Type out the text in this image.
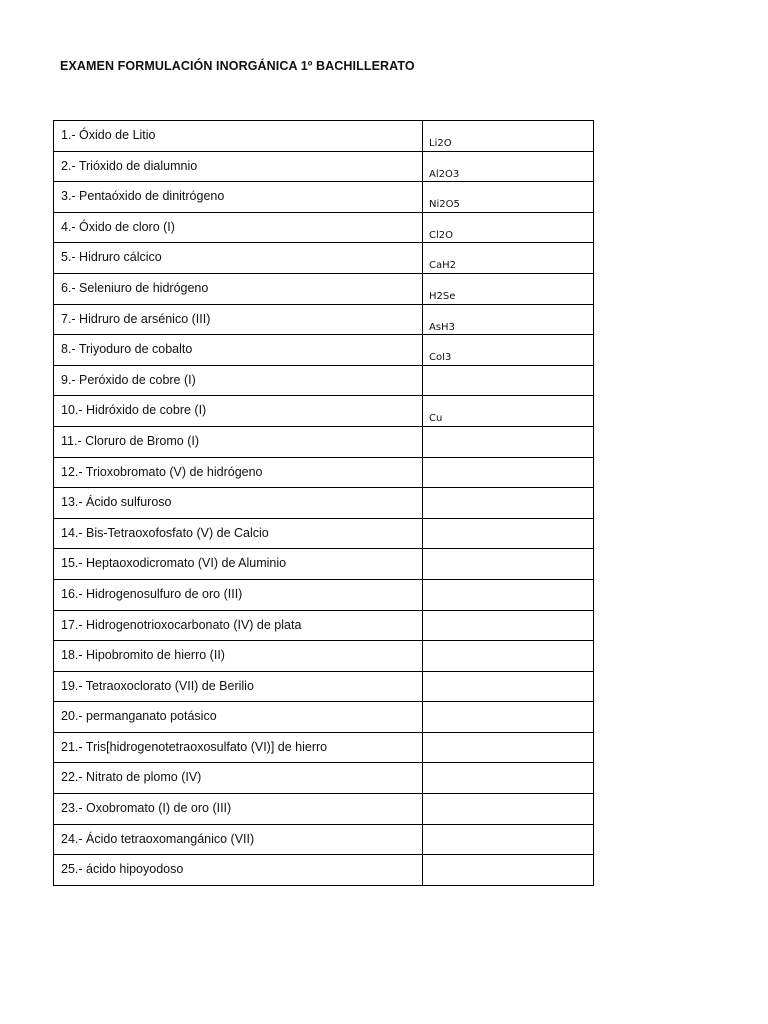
EXAMEN FORMULACIÓN INORGÁNICA 1º BACHILLERATO
1.- Óxido de Litio	Li2O

2.- Trióxido de dialumnio	Al2O3

3.- Pentaóxido de dinitrógeno	Ni2O5

4.- Óxido de cloro (I)	Cl2O

5.- Hidruro cálcico	CaH2

6.- Seleniuro de hidrógeno	H2Se

7.- Hidruro de arsénico (III)	AsH3

8.- Triyoduro de cobalto	CoI3

9.- Peróxido de cobre (I)	

10.- Hidróxido de cobre (I)	Cu

11.- Cloruro de Bromo (I)	

12.- Trioxobromato (V) de hidrógeno	

13.- Ácido sulfuroso	

14.- Bis-Tetraoxofosfato (V) de Calcio	

15.- Heptaoxodicromato (VI) de Aluminio	

16.- Hidrogenosulfuro de oro (III)	

17.- Hidrogenotrioxocarbonato (IV) de plata	

18.- Hipobromito de hierro (II)	

19.- Tetraoxoclorato (VII) de Berilio	

20.- permanganato potásico	

21.- Tris[hidrogenotetraoxosulfato (VI)] de hierro	

22.- Nitrato de plomo (IV)	

23.- Oxobromato (I) de oro (III)	

24.- Ácido tetraoxomangánico (VII)	

25.- ácido hipoyodoso	
